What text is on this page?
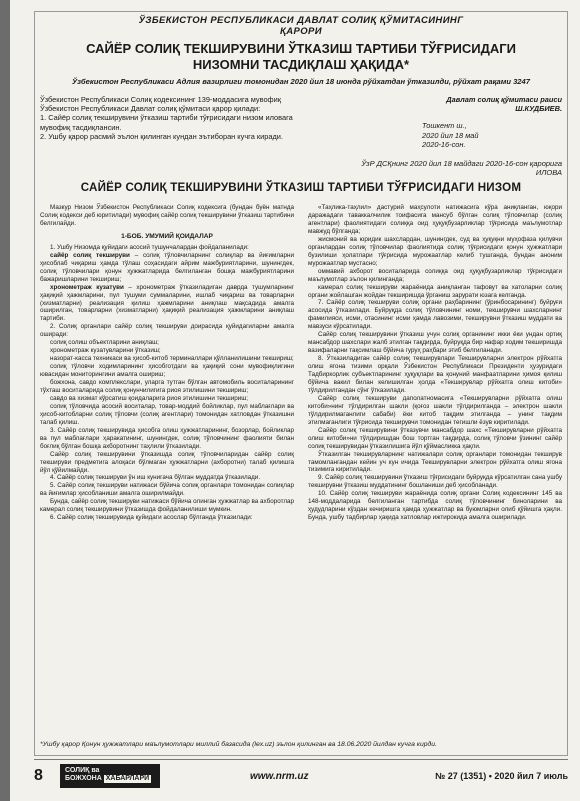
ЎЗБЕКИСТОН РЕСПУБЛИКАСИ ДАВЛАТ СОЛИҚ ҚЎМИТАСИНИНГ
ҚАРОРИ
САЙЁР СОЛИҚ ТЕКШИРУВИНИ ЎТКАЗИШ ТАРТИБИ ТЎҒРИСИДАГИ НИЗОМНИ ТАСДИҚЛАШ ҲАҚИДА*
Ўзбекистон Республикаси Адлия вазирлиги томонидан 2020 йил 18 июнда рўйхатдан ўтказилди, рўйхат рақами 3247
Ўзбекистон Республикаси Солиқ кодексининг 139-моддасига мувофиқ Ўзбекистон Республикаси Давлат солиқ қўмитаси қарор қилади:
1. Сайёр солиқ текширувини ўтказиш тартиби тўғрисидаги низом иловага мувофиқ тасдиқлансин.
2. Ушбу қарор расмий эълон қилинган кундан эътиборан кучга киради.
Давлат солиқ қўмитаси раиси
Ш.КУДБИЕВ.
Тошкент ш.,
2020 йил 18 май
2020-16-сон.
ЎзР ДСҚнинг 2020 йил 18 майдаги 2020-16-сон қарорига
ИЛОВА
САЙЁР СОЛИҚ ТЕКШИРУВИНИ ЎТКАЗИШ ТАРТИБИ ТЎҒРИСИДАГИ НИЗОМ

Мазкур Низом Ўзбекистон Республикаси Солиқ кодексига (бундан буён матнда Солиқ кодекси деб юритилади) мувофиқ сайёр солиқ текширувини ўтказиш тартибини белгилайди.

1-БОБ. УМУМИЙ ҚОИДАЛАР

1. Ушбу Низомда қуйидаги асосий тушунчалардан фойдаланилади:

сайёр солиқ текшируви – солиқ тўловчиларнинг солиқлар ва йиғимларни ҳисоблаб чиқариш ҳамда тўлаш соҳасидаги айрим мажбуриятларини, шунингдек, солиқ тўловчилари қонун ҳужжатларида белгиланган бошқа мажбуриятларини бажаришларини текшириш;

хронометраж кузатуви – хронометраж ўтказиладиган даврда тушумларнинг ҳақиқий ҳажмларини, пул тушуми суммаларини, ишлаб чиқариш ва товарларни (хизматларни) реализация қилиш ҳажмларини аниқлаш мақсадида амалга оширилган, товарларни (хизматларни) ҳақиқий реализация ҳажмларини аниқлаш тартиби.

2. Солиқ органлари сайёр солиқ текшируви доирасида қуйидагиларни амалга оширади:

солиқ солиш объектларини аниқлаш;

хронометраж кузатувларини ўтказиш;

назорат-касса техникаси ва ҳисоб-китоб терминаллари қўлланилишини текшириш;

солиқ тўловчи ходимларининг ҳисобготдаги ва ҳақиқий сони мувофиқлигини ювасидан мониторингини амалга ошириш;

божхона, савдо комплекслари, уларга тутган бўлган автомобиль воситаларининг тўхташ воситаларида солиқ қонунчилигига риоя этилишини текшириш;

савдо ва хизмат кўрсатиш қоидаларига риоя этилишини текшириш;

солиқ тўловчида асосий воситалар, товар-моддий бойликлар, пул маблағлари ва ҳисоб-китобларни солиқ тўловчи (солиқ агентлари) томонидан хатловдан ўтказишни талаб қилиш.

3. Сайёр солиқ текширувида ҳисобга олиш ҳужжатларининг, бозорлар, бойликлар ва пул маблағлари ҳаракатининг, шунингдек, солиқ тўловчининг фаолияти билан боғлиқ бўлган бошқа ахборотнинг таҳлили ўтказилади.

Сайёр солиқ текширувини ўтказишда солиқ тўловчиларидан сайёр солиқ текшируви предметига алоқаси бўлмаган ҳужжатларни (ахборотни) талаб қилишга йўл қўйилмайди.

4. Сайёр солиқ текшируви ўн иш кунигача бўлган муддатда ўтказилади.

5. Сайёр солиқ текшируви натижаси бўйича солиқ органлари томонидан солиқлар ва йиғимлар ҳисобланиши амалга оширилмайди.

Бунда, сайёр солиқ текшируви натижаси бўйича олинган ҳужжатлар ва ахборотлар камерал солиқ текширувини ўтказишда фойдаланилиши мумкин.

6. Сайёр солиқ текширувида қуйидаги асослар бўлганда ўтказилади:

«Таҳлика-таҳлил» дастурий маҳсулоти натижасига кўра аниқланган, юқори даражадаги таваккалчилик тоифасига мансуб бўлган солиқ тўловчилар (солиқ агентлари) фаолиятидаги солиққа оид ҳуқуқбузарликлар тўғрисида маълумотлар мавжуд бўлганда;

жисмоний ва юридик шахслардан, шунингдек, суд ва ҳуқуқни муҳофаза қилувчи органлардан солиқ тўловчилар фаолиятида солиқ тўғрисидаги қонун ҳужжатлари бузилиши ҳолатлари тўғрисида мурожаатлар келиб тушганда, бундан аноним мурожаатлар мустасно;

оммавий ахборот воситаларида солиққа оид ҳуқуқбузарликлар тўғрисидаги маълумотлар эълон қилинганда;

камерал солиқ текшируви жараёнида аниқланган тафовут ва хатоларни солиқ органи жойлашган жойдан текширишда ўрганиш зарурати юзага келганда.

7. Сайёр солиқ текшируви солиқ органи раҳбарининг (ўринбосарининг) буйруғи асосида ўтказилади. Буйруқда солиқ тўловчининг номи, текширувчи шахсларнинг фамилияси, исми, отасининг исми ҳамда лавозими, текширувни ўтказиш муддати ва мавзуси кўрсатилади.

Сайёр солиқ текширувини ўтказиш учун солиқ органининг икки ёки ундан ортиқ мансабдор шахслари жалб этилган тақдирда, буйруқда бир нафар ходим текширишда вазифаларни тақсимлаш бўйича гуруҳ раҳбари этиб белгиланади.

8. Ўтказиладиган сайёр солиқ текширувлари Текширувларни электрон рўйхатга олиш ягона тизими орқали Ўзбекистон Республикаси Президенти ҳузуридаги Тадбиркорлик субъектларининг ҳуқуқлари ва қонуний манфаатларини ҳимоя қилиш бўйича вакил билан келишилган ҳолда «Текширувлар рўйхатга олиш китоби» тўлдирилгандан сўнг ўтказилади.

Сайёр солиқ текшируви даполатномасига «Текширувларни рўйхатга олиш китоби»нинг тўлдирилган шакли (қоғоз шакли тўлдирилганда – электрон шакли тўлдирилмаганлиги сабаби) ёки китоб тақдим этилганда – унинг тақдим этилмаганлиги тўғрисида текширувчи томонидан тегишли ёзув киритилади.

Сайёр солиқ текширувини ўтказувчи мансабдор шахс «Текширувларни рўйхатга олиш китоби»ни тўлдиришдан бош тортган тақдирда, солиқ тўловчи ўзининг сайёр солиқ текширувидан ўтказилишига йўл қўймасликка ҳақли.

Ўтказилган текширувларнинг натижалари солиқ органлари томонидан текширув тамомлангандан кейин уч кун ичида Текширувларни электрон рўйхатга олиш ягона тизимига киритилади.

9. Сайёр солиқ текширувини ўтказиш тўғрисидаги буйруқда кўрсатилган сана ушбу текширувни ўтказиш муддатининг бошланиши деб ҳисобланади.

10. Сайёр солиқ текшируви жараёнида солиқ органи Солиқ кодексининг 145 ва 148-моддаларида белгиланган тартибда солиқ тўловчининг биноларини ва ҳудудларини кўздан кечиришга ҳамда ҳужжатлар ва буюмларни олиб қўйишга ҳақли. Бунда, ушбу тадбирлар ҳақида хатловлар ижтирокида амалга оширилади.

*Ушбу қарор Қонун ҳужжатлари маълумотлари миллий базасида (lex.uz) эълон қилинган ва 18.06.2020 йилдан кучга кирди.
8	СОЛИҚ ва
БОЖХОНА ХАБАРЛАРИ	www.nrm.uz	№ 27 (1351) • 2020 йил 7 июль
